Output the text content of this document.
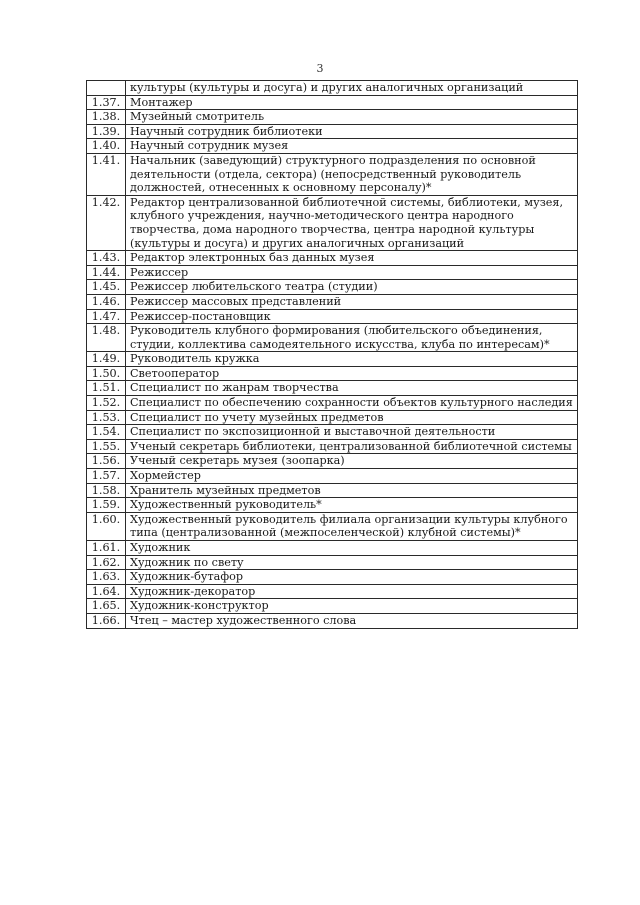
3
	культуры (культуры и досуга) и других аналогичных организаций
1.37.	Монтажер
1.38.	Музейный смотритель
1.39.	Научный сотрудник библиотеки
1.40.	Научный сотрудник музея
1.41.	Начальник (заведующий) структурного подразделения по основной деятельности (отдела, сектора) (непосредственный руководитель должностей, отнесенных к основному персоналу)*
1.42.	Редактор централизованной библиотечной системы, библиотеки, музея, клубного учреждения, научно-методического центра народного творчества, дома народного творчества, центра народной культуры (культуры и досуга) и других аналогичных организаций
1.43.	Редактор электронных баз данных музея
1.44.	Режиссер
1.45.	Режиссер любительского театра (студии)
1.46.	Режиссер массовых представлений
1.47.	Режиссер-постановщик
1.48.	Руководитель клубного формирования (любительского объединения, студии, коллектива самодеятельного искусства, клуба по интересам)*
1.49.	Руководитель кружка
1.50.	Светооператор
1.51.	Специалист по жанрам творчества
1.52.	Специалист по обеспечению сохранности объектов культурного наследия
1.53.	Специалист по учету музейных предметов
1.54.	Специалист по экспозиционной и выставочной деятельности
1.55.	Ученый секретарь библиотеки, централизованной библиотечной системы
1.56.	Ученый секретарь музея (зоопарка)
1.57.	Хормейстер
1.58.	Хранитель музейных предметов
1.59.	Художественный руководитель*
1.60.	Художественный руководитель филиала организации культуры клубного типа (централизованной (межпоселенческой) клубной системы)*
1.61.	Художник
1.62.	Художник по свету
1.63.	Художник-бутафор
1.64.	Художник-декоратор
1.65.	Художник-конструктор
1.66.	Чтец – мастер художественного слова
